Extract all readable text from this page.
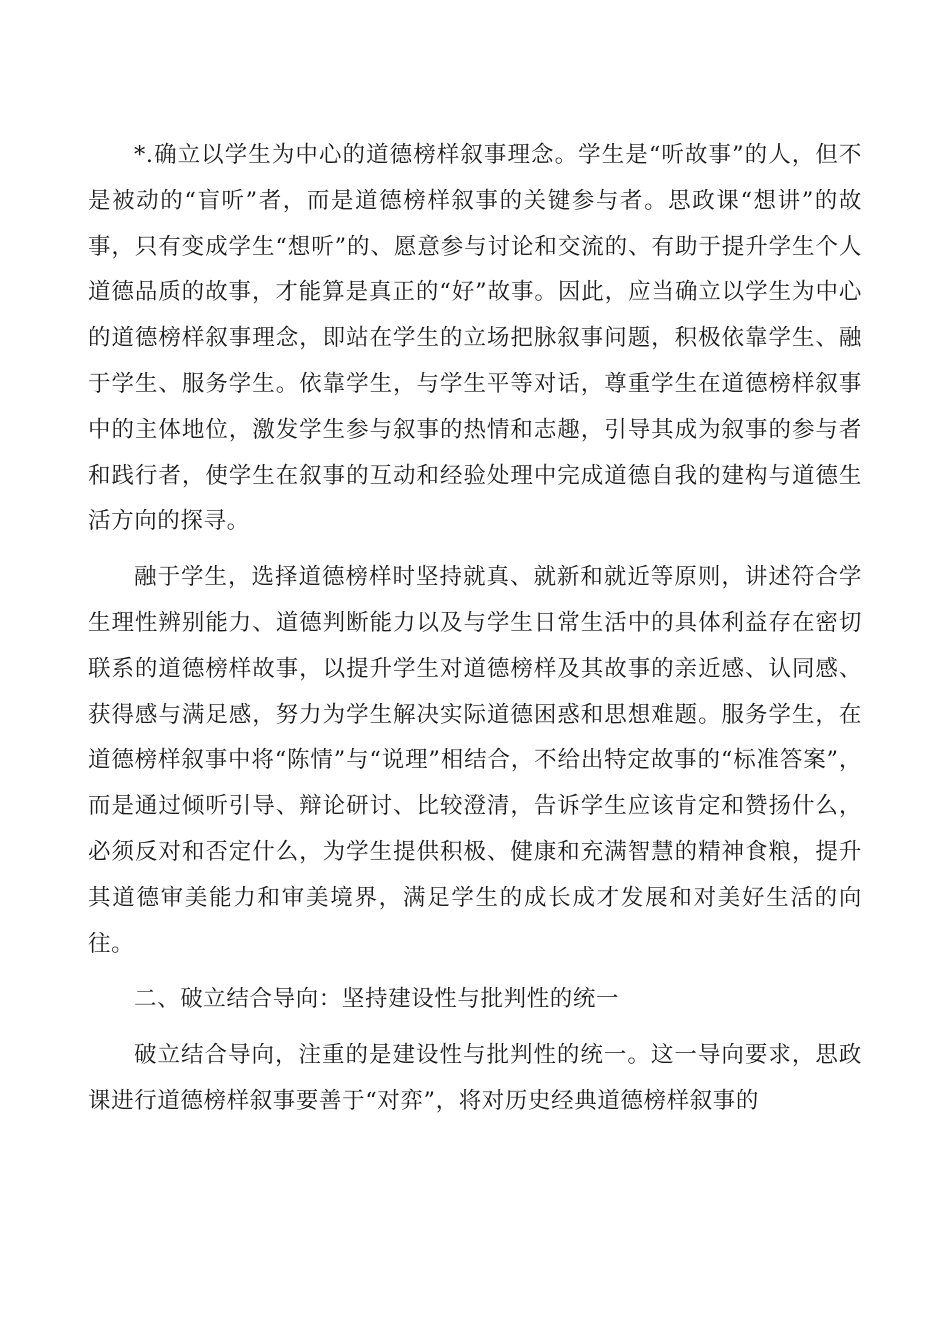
*.确立以学生为中心的道德榜样叙事理念。学生是“听故事”的人，但不是被动的“盲听”者，而是道德榜样叙事的关键参与者。思政课“想讲”的故事，只有变成学生“想听”的、愿意参与讨论和交流的、有助于提升学生个人道德品质的故事，才能算是真正的“好”故事。因此，应当确立以学生为中心的道德榜样叙事理念，即站在学生的立场把脉叙事问题，积极依靠学生、融于学生、服务学生。依靠学生，与学生平等对话，尊重学生在道德榜样叙事中的主体地位，激发学生参与叙事的热情和志趣，引导其成为叙事的参与者和践行者，使学生在叙事的互动和经验处理中完成道德自我的建构与道德生活方向的探寻。

融于学生，选择道德榜样时坚持就真、就新和就近等原则，讲述符合学生理性辨别能力、道德判断能力以及与学生日常生活中的具体利益存在密切联系的道德榜样故事，以提升学生对道德榜样及其故事的亲近感、认同感、获得感与满足感，努力为学生解决实际道德困惑和思想难题。服务学生，在道德榜样叙事中将“陈情”与“说理”相结合，不给出特定故事的“标准答案”，而是通过倾听引导、辩论研讨、比较澄清，告诉学生应该肯定和赞扬什么，必须反对和否定什么，为学生提供积极、健康和充满智慧的精神食粮，提升其道德审美能力和审美境界，满足学生的成长成才发展和对美好生活的向往。

二、破立结合导向：坚持建设性与批判性的统一

破立结合导向，注重的是建设性与批判性的统一。这一导向要求，思政课进行道德榜样叙事要善于“对弈”，将对历史经典道德榜样叙事的
